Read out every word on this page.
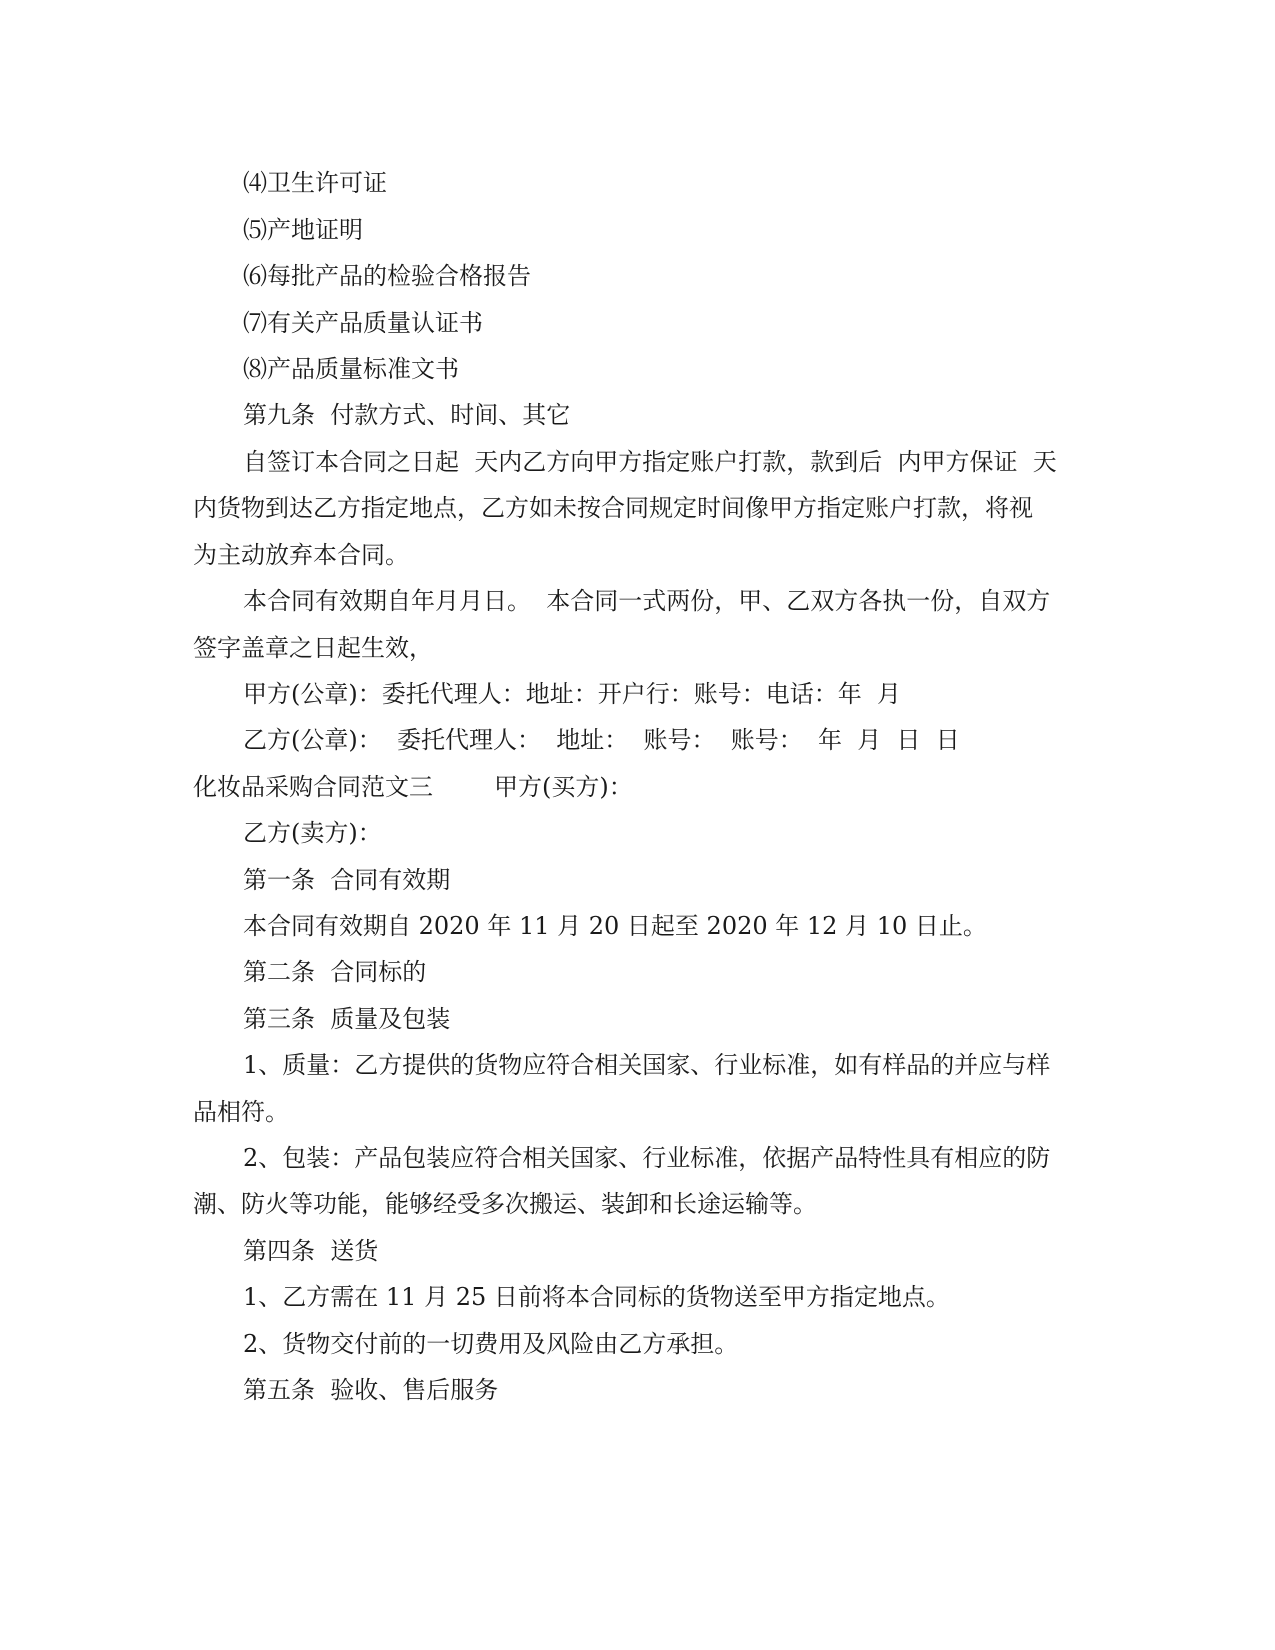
⑷卫生许可证
⑸产地证明
⑹每批产品的检验合格报告
⑺有关产品质量认证书
⑻产品质量标准文书
第九条  付款方式、时间、其它
自签订本合同之日起  天内乙方向甲方指定账户打款，款到后  内甲方保证  天
内货物到达乙方指定地点，乙方如未按合同规定时间像甲方指定账户打款，将视
为主动放弃本合同。
本合同有效期自年月月日。  本合同一式两份，甲、乙双方各执一份，自双方
签字盖章之日起生效，
甲方(公章)：委托代理人：地址：开户行：账号：电话：年  月
乙方(公章)：  委托代理人：  地址：  账号：  账号：  年  月  日  日
化妆品采购合同范文三        甲方(买方)：
乙方(卖方)：
第一条  合同有效期
本合同有效期自 2020 年 11 月 20 日起至 2020 年 12 月 10 日止。
第二条  合同标的
第三条  质量及包装
1、质量：乙方提供的货物应符合相关国家、行业标准，如有样品的并应与样
品相符。
2、包装：产品包装应符合相关国家、行业标准，依据产品特性具有相应的防
潮、防火等功能，能够经受多次搬运、装卸和长途运输等。
第四条  送货
1、乙方需在 11 月 25 日前将本合同标的货物送至甲方指定地点。
2、货物交付前的一切费用及风险由乙方承担。
第五条  验收、售后服务
